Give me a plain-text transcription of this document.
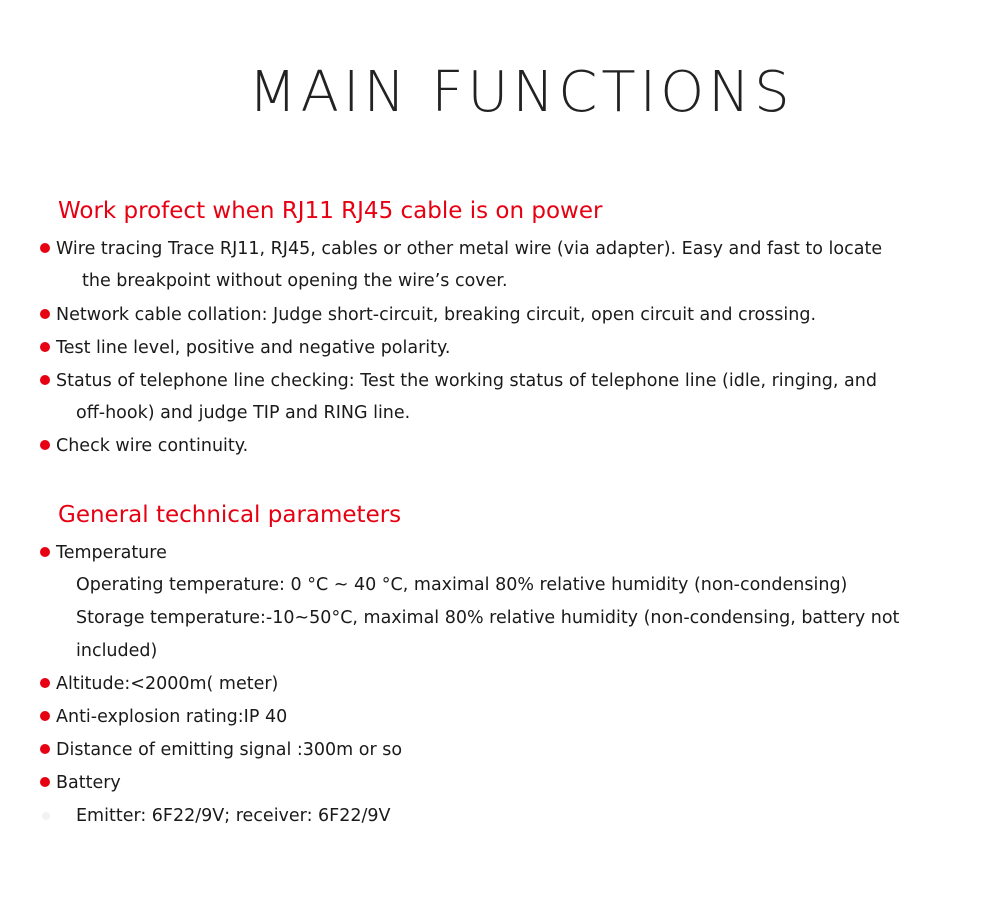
MAIN FUNCTIONS
Work profect when RJ11 RJ45 cable is on power
Wire tracing Trace RJ11, RJ45, cables or other metal wire (via adapter). Easy and fast to locate
the breakpoint without opening the wire’s cover.
Network cable collation: Judge short-circuit, breaking circuit, open circuit and crossing.
Test line level, positive and negative polarity.
Status of telephone line checking: Test the working status of telephone line (idle, ringing, and
off-hook) and judge TIP and RING line.
Check wire continuity.
General technical parameters
Temperature
Operating temperature: 0 °C ~ 40 °C, maximal 80% relative humidity (non-condensing)
Storage temperature:-10~50°C, maximal 80% relative humidity (non-condensing, battery not
included)
Altitude:<2000m( meter)
Anti-explosion rating:IP 40
Distance of emitting signal :300m or so
Battery
Emitter: 6F22/9V; receiver: 6F22/9V
